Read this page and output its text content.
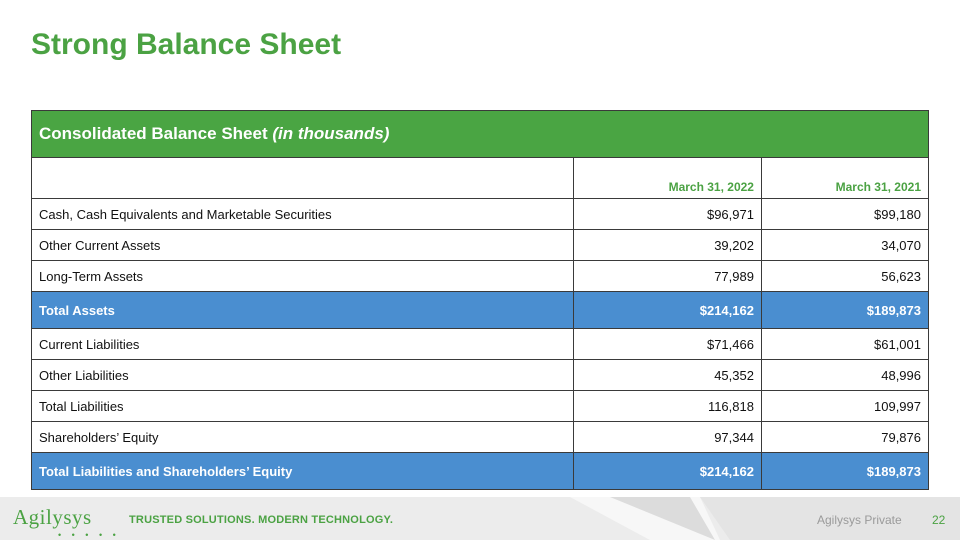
Strong Balance Sheet
Consolidated Balance Sheet (in thousands)		
	March 31, 2022	March 31, 2021
Cash, Cash Equivalents and Marketable Securities	$96,971	$99,180
Other Current Assets	39,202	34,070
Long-Term Assets	77,989	56,623
Total Assets	$214,162	$189,873
Current Liabilities	$71,466	$61,001
Other Liabilities	45,352	48,996
Total Liabilities	116,818	109,997
Shareholders’ Equity	97,344	79,876
Total Liabilities and Shareholders’ Equity	$214,162	$189,873
Agilysys
• • • • •
TRUSTED SOLUTIONS. MODERN TECHNOLOGY.	Agilysys Private	22
